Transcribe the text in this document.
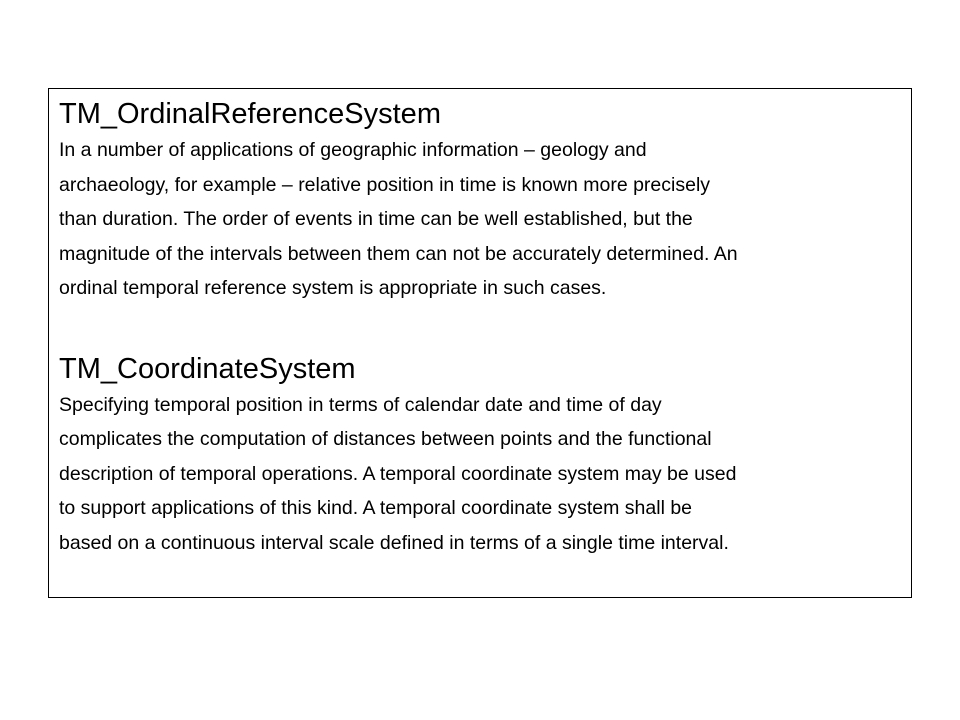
TM_OrdinalReferenceSystem
In a number of applications of geographic information – geology and
archaeology, for example – relative position in time is known more precisely
than duration. The order of events in time can be well established, but the
magnitude of the intervals between them can not be accurately determined. An
ordinal temporal reference system is appropriate in such cases.
TM_CoordinateSystem
Specifying temporal position in terms of calendar date and time of day
complicates the computation of distances between points and the functional
description of temporal operations. A temporal coordinate system may be used
to support applications of this kind. A temporal coordinate system shall be
based on a continuous interval scale defined in terms of a single time interval.
